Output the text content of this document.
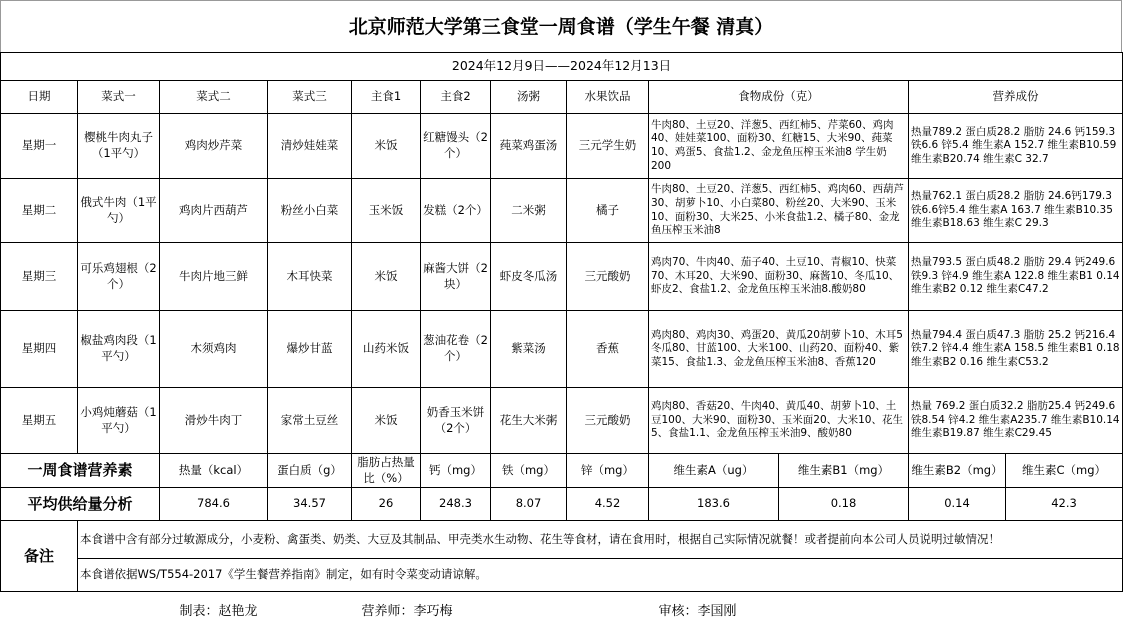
北京师范大学第三食堂一周食谱（学生午餐 清真）
2024年12月9日——2024年12月13日											
日期	菜式一	菜式二	菜式三	主食1	主食2	汤粥	水果饮品	食物成份（克）		营养成份	
星期一	樱桃牛肉丸子（1平勺）	鸡肉炒芹菜	清炒娃娃菜	米饭	红糖馒头（2个）	莼菜鸡蛋汤	三元学生奶	牛肉80、土豆20、洋葱5、西红柿5、芹菜60、鸡肉40、娃娃菜100、面粉30、红糖15、大米90、莼菜10、鸡蛋5、食盐1.2、金龙鱼压榨玉米油8 学生奶200		热量789.2 蛋白质28.2 脂肪 24.6 钙159.3 铁6.6 锌5.4 维生素A 152.7 维生素B10.59 维生素B20.74 维生素C 32.7	
星期二	俄式牛肉（1平勺）	鸡肉片西葫芦	粉丝小白菜	玉米饭	发糕（2个）	二米粥	橘子	牛肉80、土豆20、洋葱5、西红柿5、鸡肉60、西葫芦30、胡萝卜10、小白菜80、粉丝20、大米90、玉米10、面粉30、大米25、小米食盐1.2、橘子80、金龙鱼压榨玉米油8		热量762.1 蛋白质28.2 脂肪 24.6钙179.3 铁6.6锌5.4 维生素A 163.7 维生素B10.35 维生素B18.63 维生素C 29.3	
星期三	可乐鸡翅根（2个）	牛肉片地三鲜	木耳快菜	米饭	麻酱大饼（2块）	虾皮冬瓜汤	三元酸奶	鸡肉70、牛肉40、茄子40、土豆10、青椒10、快菜70、木耳20、大米90、面粉30、麻酱10、冬瓜10、虾皮2、食盐1.2、金龙鱼压榨玉米油8.酸奶80		热量793.5 蛋白质48.2 脂肪 29.4 钙249.6 铁9.3 锌4.9 维生素A 122.8 维生素B1 0.14 维生素B2 0.12 维生素C47.2	
星期四	椒盐鸡肉段（1平勺）	木须鸡肉	爆炒甘蓝	山药米饭	葱油花卷（2个）	紫菜汤	香蕉	鸡肉80、鸡肉30、鸡蛋20、黄瓜20胡萝卜10、木耳5冬瓜80、甘蓝100、大米100、山药20、面粉40、紫菜15、食盐1.3、金龙鱼压榨玉米油8、香蕉120		热量794.4 蛋白质47.3 脂肪 25.2 钙216.4 铁7.2 锌4.4 维生素A 158.5 维生素B1 0.18 维生素B2 0.16 维生素C53.2	
星期五	小鸡炖蘑菇（1平勺）	滑炒牛肉丁	家常土豆丝	米饭	奶香玉米饼（2个）	花生大米粥	三元酸奶	鸡肉80、香菇20、牛肉40、黄瓜40、胡萝卜10、土豆100、大米90、面粉30、玉米面20、大米10、花生5、食盐1.1、金龙鱼压榨玉米油9、酸奶80		热量 769.2 蛋白质32.2 脂肪25.4 钙249.6 铁8.54 锌4.2 维生素A235.7 维生素B10.14 维生素B19.87 维生素C29.45	
一周食谱营养素		热量（kcal）	蛋白质（g）	脂肪占热量比（%）	钙（mg）	铁（mg）	锌（mg）	维生素A（ug）	维生素B1（mg）	维生素B2（mg）	维生素C（mg）
平均供给量分析		784.6	34.57	26	248.3	8.07	4.52	183.6	0.18	0.14	42.3
备注	本食谱中含有部分过敏源成分，小麦粉、禽蛋类、奶类、大豆及其制品、甲壳类水生动物、花生等食材，请在食用时，根据自己实际情况就餐！或者提前向本公司人员说明过敏情况！										
	本食谱依据WS/T554-2017《学生餐营养指南》制定，如有时令菜变动请谅解。										
		制表：赵艳龙		营养师：李巧梅				审核：李国刚			
